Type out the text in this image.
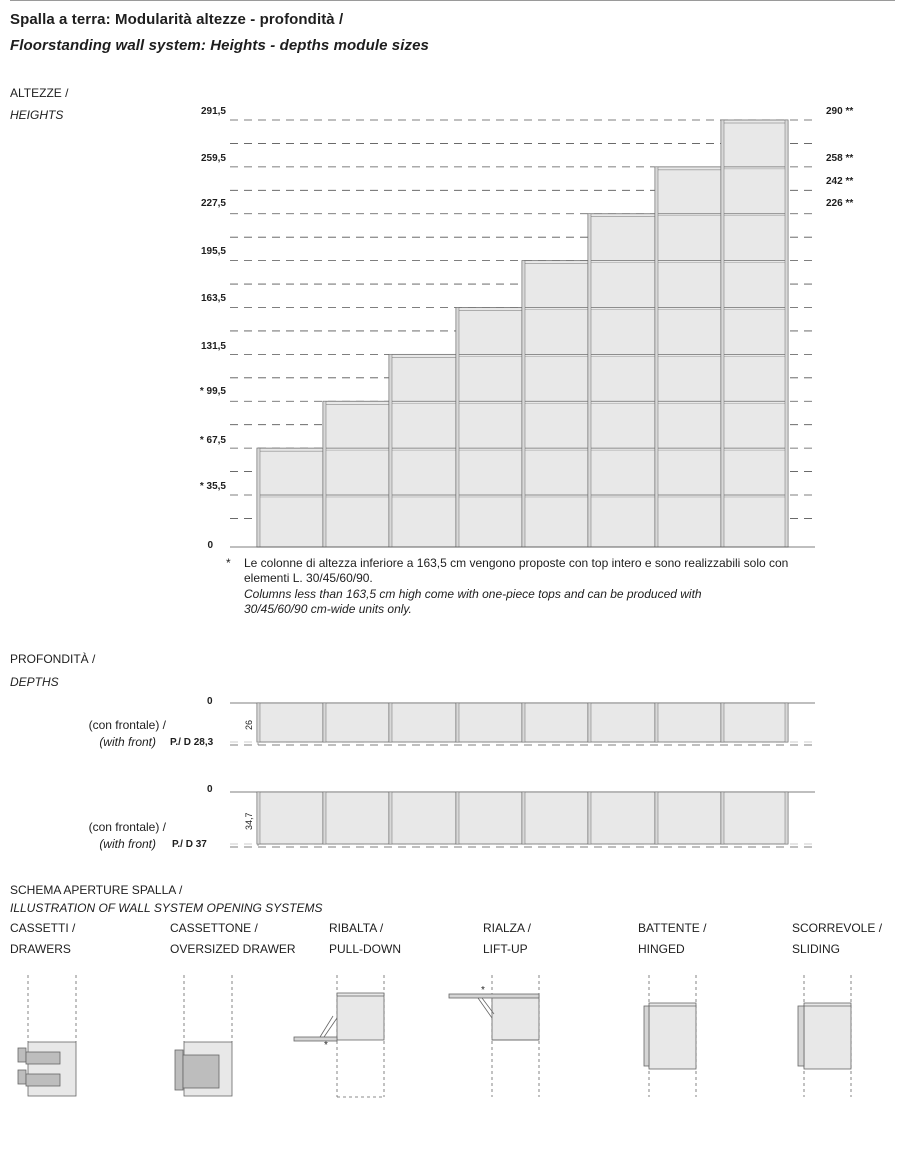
Spalla a terra: Modularità altezze - profondità /
Floorstanding wall system: Heights - depths module sizes
ALTEZZE /
HEIGHTS	291,5
259,5
227,5
195,5
163,5
131,5
* 99,5
* 67,5
* 35,5
0
290 **
258 **
242 **
226 **
* Le colonne di altezza inferiore a 163,5 cm vengono proposte con top intero e sono realizzabili solo con elementi L. 30/45/60/90.
Columns less than 163,5 cm high come with one-piece tops and can be produced with 30/45/60/90 cm-wide units only.
PROFONDITÀ /
DEPTHS
0
(con frontale) /
(with front) P./ D 28,3
26
0
(con frontale) /
(with front) P./ D 37
34,7
SCHEMA APERTURE SPALLA /
ILLUSTRATION OF WALL SYSTEM OPENING SYSTEMS
CASSETTI /
DRAWERS
CASSETTONE /
OVERSIZED DRAWER
RIBALTA /
PULL-DOWN
RIALZA /
LIFT-UP
BATTENTE /
HINGED
SCORREVOLE /
SLIDING
*
*
